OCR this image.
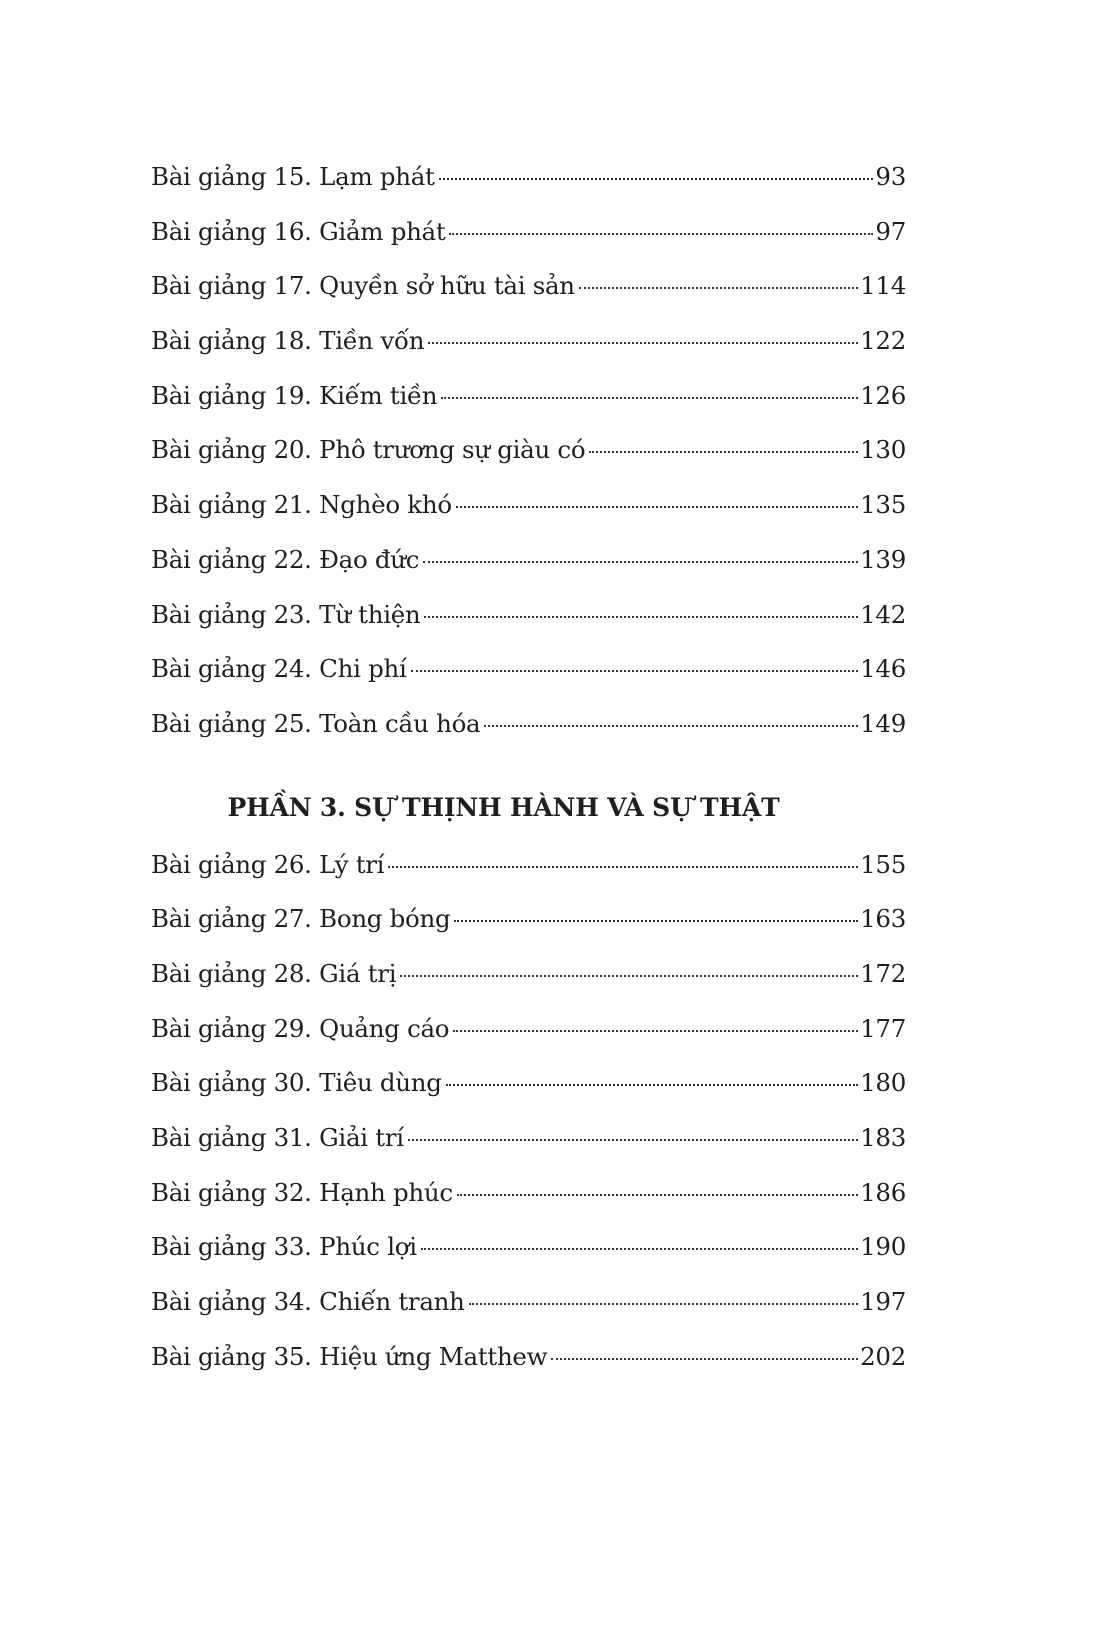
Bài giảng 15. Lạm phát	93
Bài giảng 16. Giảm phát	97
Bài giảng 17. Quyền sở hữu tài sản	114
Bài giảng 18. Tiền vốn	122
Bài giảng 19. Kiếm tiền	126
Bài giảng 20. Phô trương sự giàu có	130
Bài giảng 21. Nghèo khó	135
Bài giảng 22. Đạo đức	139
Bài giảng 23. Từ thiện	142
Bài giảng 24. Chi phí	146
Bài giảng 25. Toàn cầu hóa	149
PHẦN 3. SỰ THỊNH HÀNH VÀ SỰ THẬT
Bài giảng 26. Lý trí	155
Bài giảng 27. Bong bóng	163
Bài giảng 28. Giá trị	172
Bài giảng 29. Quảng cáo	177
Bài giảng 30. Tiêu dùng	180
Bài giảng 31. Giải trí	183
Bài giảng 32. Hạnh phúc	186
Bài giảng 33. Phúc lợi	190
Bài giảng 34. Chiến tranh	197
Bài giảng 35. Hiệu ứng Matthew	202
